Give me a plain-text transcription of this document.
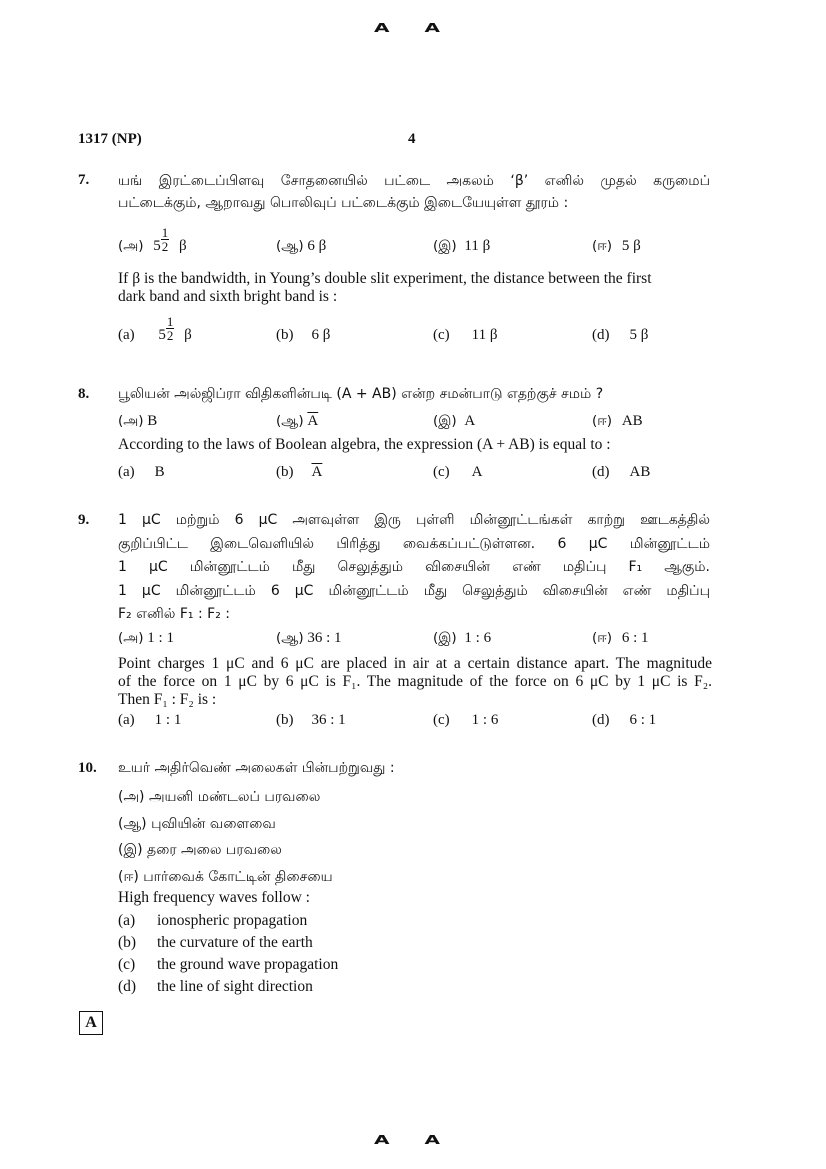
A A
1317 (NP)	4
7. யங் இரட்டைப்பிளவு சோதனையில் பட்டை அகலம் ‘β’ எனில் முதல் கருமைப்
பட்டைக்கும், ஆறாவது பொலிவுப் பட்டைக்கும் இடையேயுள்ள தூரம் :
(அ) $5 \frac{1}{2}$ β	(ஆ) 6 β	(இ) 11 β	(ஈ) 5 β
If β is the bandwidth, in Young’s double slit experiment, the distance between the first
dark band and sixth bright band is :
(a) $5 \frac{1}{2}$ β	(b) 6 β	(c) 11 β	(d) 5 β
8. பூலியன் அல்ஜிப்ரா விதிகளின்படி (A + AB) என்ற சமன்பாடு எதற்குச் சமம் ?
(அ) B	(ஆ) $\overline{A}$	(இ) A	(ஈ) AB
According to the laws of Boolean algebra, the expression (A + AB) is equal to :
(a) B	(b) $\overline{A}$	(c) A	(d) AB
9. 1 μC மற்றும் 6 μC அளவுள்ள இரு புள்ளி மின்னூட்டங்கள் காற்று ஊடகத்தில்
குறிப்பிட்ட இடைவெளியில் பிரித்து வைக்கப்பட்டுள்ளன. 6 μC மின்னூட்டம்
1 μC மின்னூட்டம் மீது செலுத்தும் விசையின் எண் மதிப்பு F₁ ஆகும்.
1 μC மின்னூட்டம் 6 μC மின்னூட்டம் மீது செலுத்தும் விசையின் எண் மதிப்பு
F₂ எனில் F₁ : F₂ :
(அ) 1 : 1	(ஆ) 36 : 1	(இ) 1 : 6	(ஈ) 6 : 1
Point charges 1 μC and 6 μC are placed in air at a certain distance apart. The magnitude
of the force on 1 μC by 6 μC is F₁. The magnitude of the force on 6 μC by 1 μC is F₂.
Then F₁ : F₂ is :
(a) 1 : 1	(b) 36 : 1	(c) 1 : 6	(d) 6 : 1
10. உயர் அதிர்வெண் அலைகள் பின்பற்றுவது :
(அ) அயனி மண்டலப் பரவலை
(ஆ) புவியின் வளைவை
(இ) தரை அலை பரவலை
(ஈ) பார்வைக் கோட்டின் திசையை
High frequency waves follow :
(a) ionospheric propagation
(b) the curvature of the earth
(c) the ground wave propagation
(d) the line of sight direction
A
A A
